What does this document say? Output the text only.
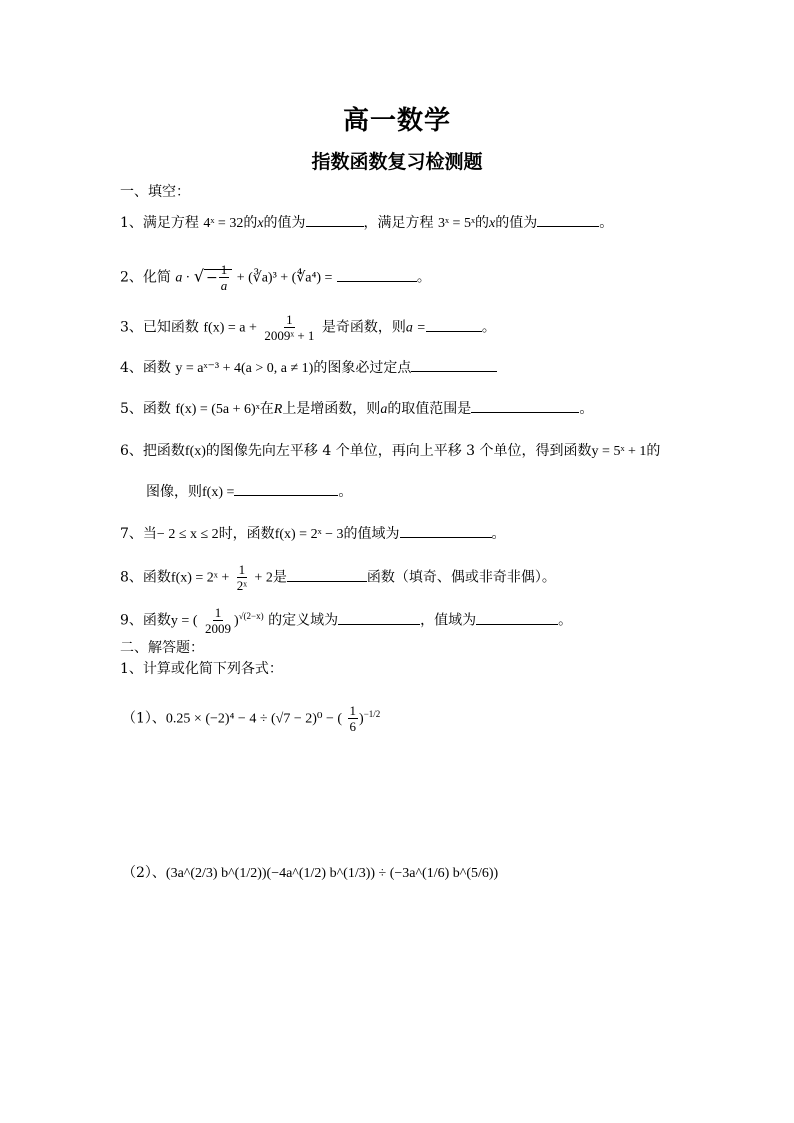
高一数学
指数函数复习检测题
一、填空：
1、满足方程 4ˣ = 32的x的值为	，满足方程 3ˣ = 5ˣ的x的值为	。
2、化简 a · √ − $\frac{1}{a}$ + (∛a)³ + (∜a⁴) =	。
3、已知函数 $f(x) = a + \frac{1}{\text{2009ˣ + 1}}$ 是奇函数，则a =	。
4、函数 y = aˣ⁻³ + 4(a > 0, a ≠ 1)的图象必过定点
5、函数 f(x) = (5a + 6)ˣ在R上是增函数，则a的取值范围是	。
6、把函数f(x)的图像先向左平移 4 个单位，再向上平移 3 个单位，得到函数y = 5ˣ + 1的
图像，则f(x) =	。
7、当− 2 ≤ x ≤ 2时，函数f(x) = 2ˣ − 3的值域为	。
8、函数f(x) = 2ˣ + $\frac{1}{\text{2ˣ}} + 2$是	函数（填奇、偶或非奇非偶）。
9、函数y = ( $\frac{1}{2009} )^{√(2-x)}$ 的定义域为	，值域为	。
二、解答题：
1、计算或化简下列各式：
（1）、0.25 × (−2)⁴ − 4 ÷ (√7 − 2)⁰ − ( $\frac{1}{6} )^{-1/2}$
（2）、(3a^(2/3) b^(1/2))(−4a^(1/2) b^(1/3)) ÷ (−3a^(1/6) b^(5/6))
